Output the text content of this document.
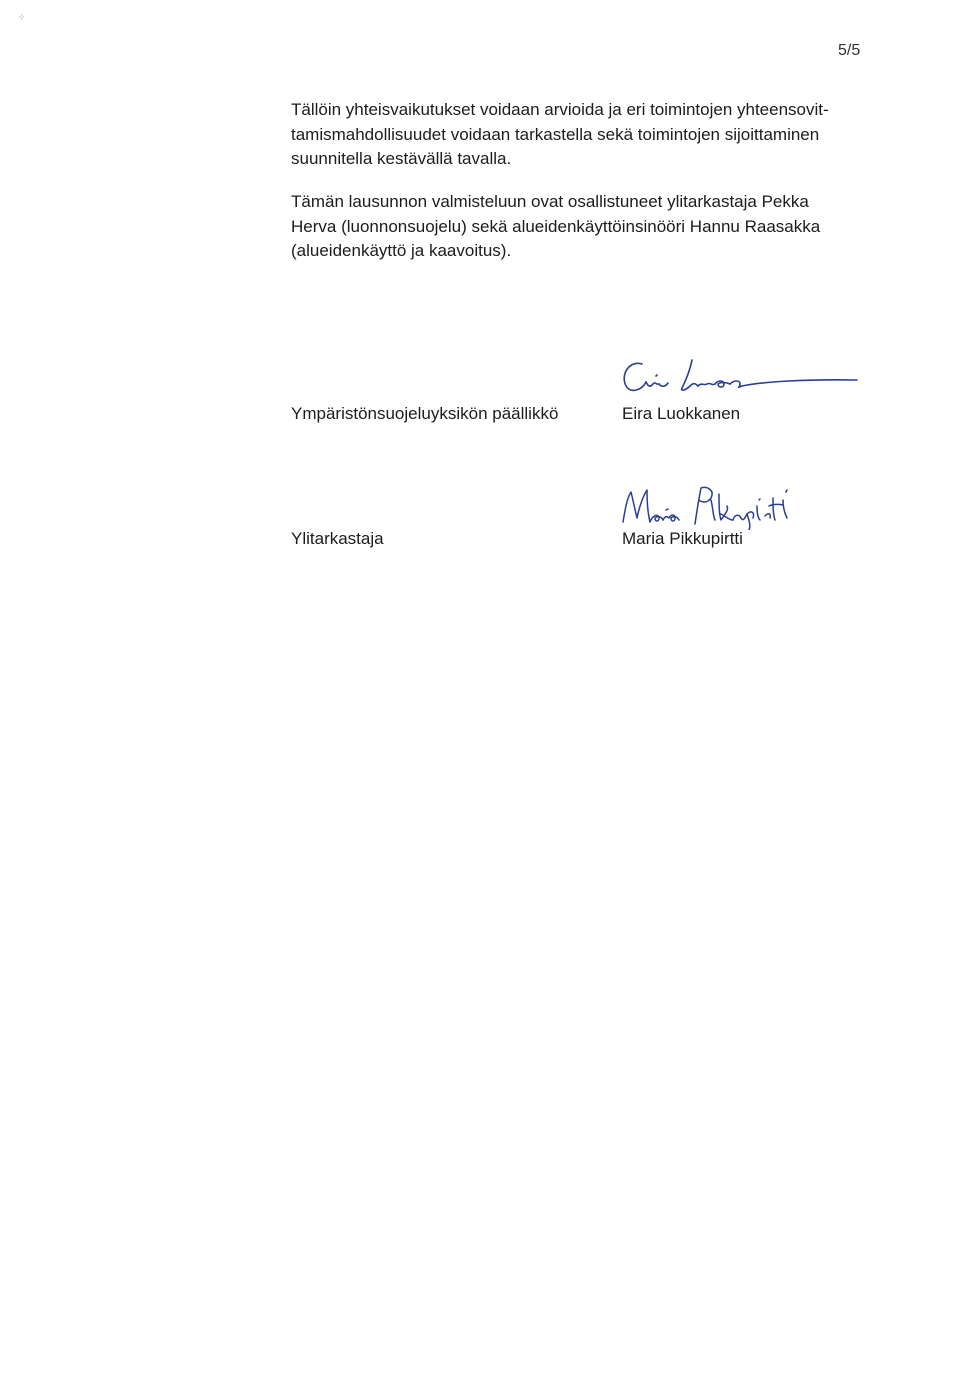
✧
5/5
Tällöin yhteisvaikutukset voidaan arvioida ja eri toimintojen yhteensovit-
tamismahdollisuudet voidaan tarkastella sekä toimintojen sijoittaminen
suunnitella kestävällä tavalla.
Tämän lausunnon valmisteluun ovat osallistuneet ylitarkastaja Pekka
Herva (luonnonsuojelu) sekä alueidenkäyttöinsinööri Hannu Raasakka
(alueidenkäyttö ja kaavoitus).
Ympäristönsuojeluyksikön päällikkö	Eira Luokkanen
Ylitarkastaja	Maria Pikkupirtti
